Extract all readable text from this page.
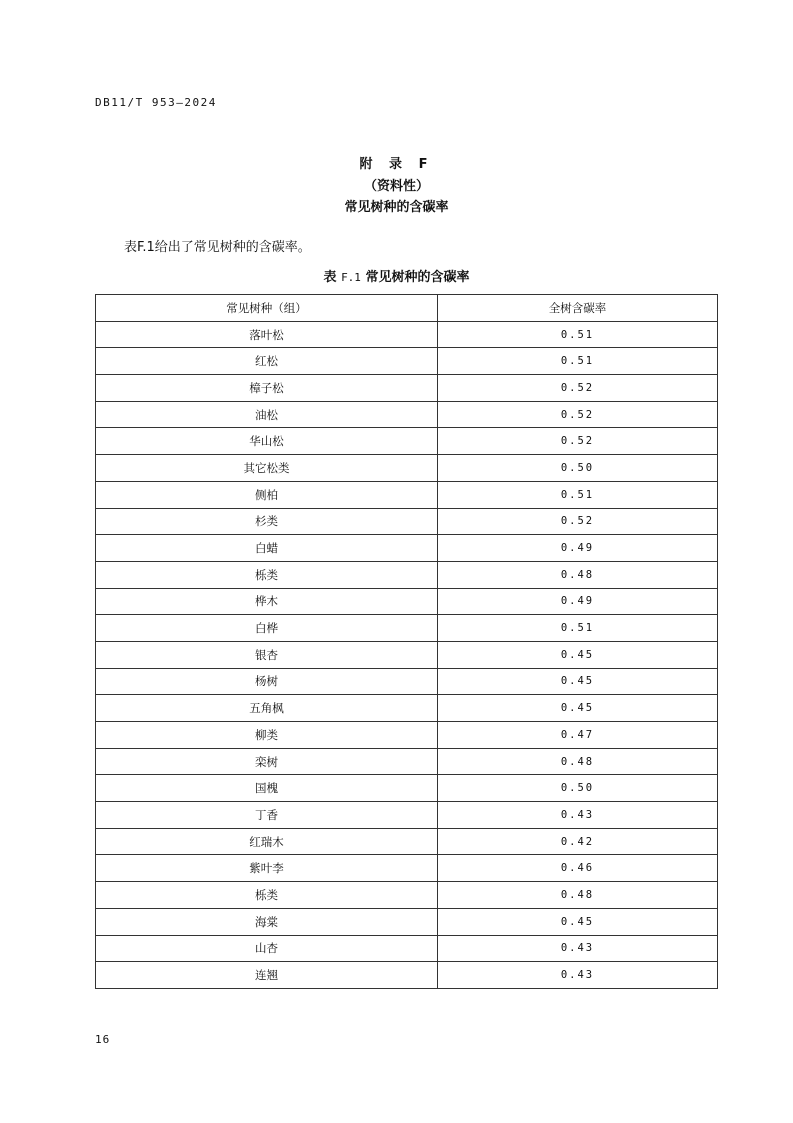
DB11/T 953—2024
附 录 F
（资料性）
常见树种的含碳率
表F.1给出了常见树种的含碳率。
表 F.1 常见树种的含碳率
常见树种（组）	全树含碳率
落叶松	0.51
红松	0.51
樟子松	0.52
油松	0.52
华山松	0.52
其它松类	0.50
侧柏	0.51
杉类	0.52
白蜡	0.49
栎类	0.48
桦木	0.49
白桦	0.51
银杏	0.45
杨树	0.45
五角枫	0.45
柳类	0.47
栾树	0.48
国槐	0.50
丁香	0.43
红瑞木	0.42
紫叶李	0.46
栎类	0.48
海棠	0.45
山杏	0.43
连翘	0.43
16
